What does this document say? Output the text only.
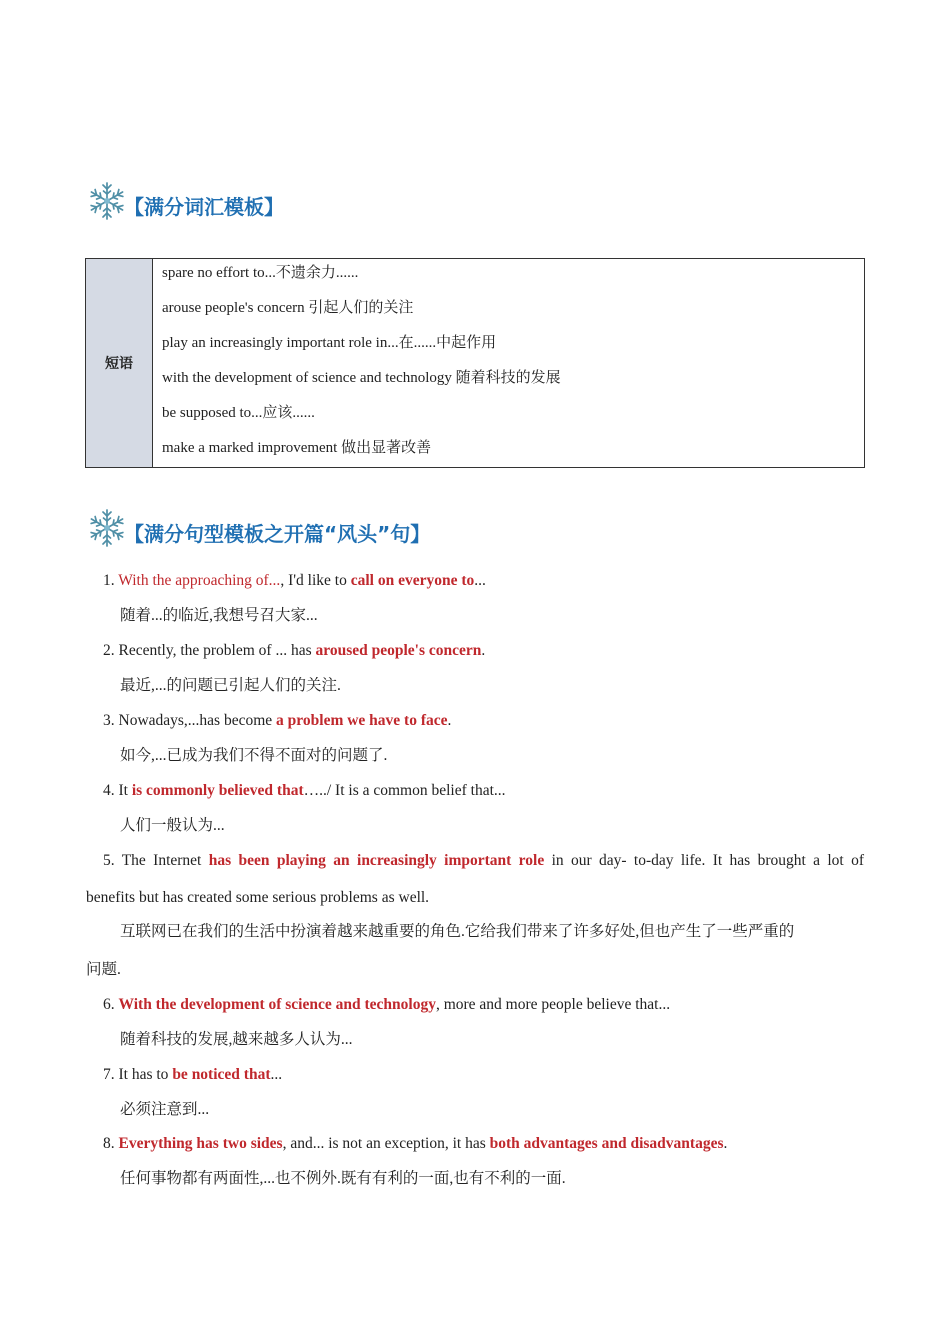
【满分词汇模板】
短语
spare no effort to...不遗余力......
arouse people's concern 引起人们的关注
play an increasingly important role in...在......中起作用
with the development of science and technology 随着科技的发展
be supposed to...应该......
make a marked improvement 做出显著改善
【满分句型模板之开篇“风头”句】
1. With the approaching of..., I'd like to call on everyone to...
随着...的临近,我想号召大家...
2. Recently, the problem of ... has aroused people's concern.
最近,...的问题已引起人们的关注.
3. Nowadays,...has become a problem we have to face.
如今,...已成为我们不得不面对的问题了.
4. It is commonly believed that…../ It is a common belief that...
人们一般认为...
5. The Internet has been playing an increasingly important role in our day- to-day life. It has brought a lot of
benefits but has created some serious problems as well.
互联网已在我们的生活中扮演着越来越重要的角色.它给我们带来了许多好处,但也产生了一些严重的
问题.
6. With the development of science and technology, more and more people believe that...
随着科技的发展,越来越多人认为...
7. It has to be noticed that...
必须注意到...
8. Everything has two sides, and... is not an exception, it has both advantages and disadvantages.
任何事物都有两面性,...也不例外.既有有利的一面,也有不利的一面.
